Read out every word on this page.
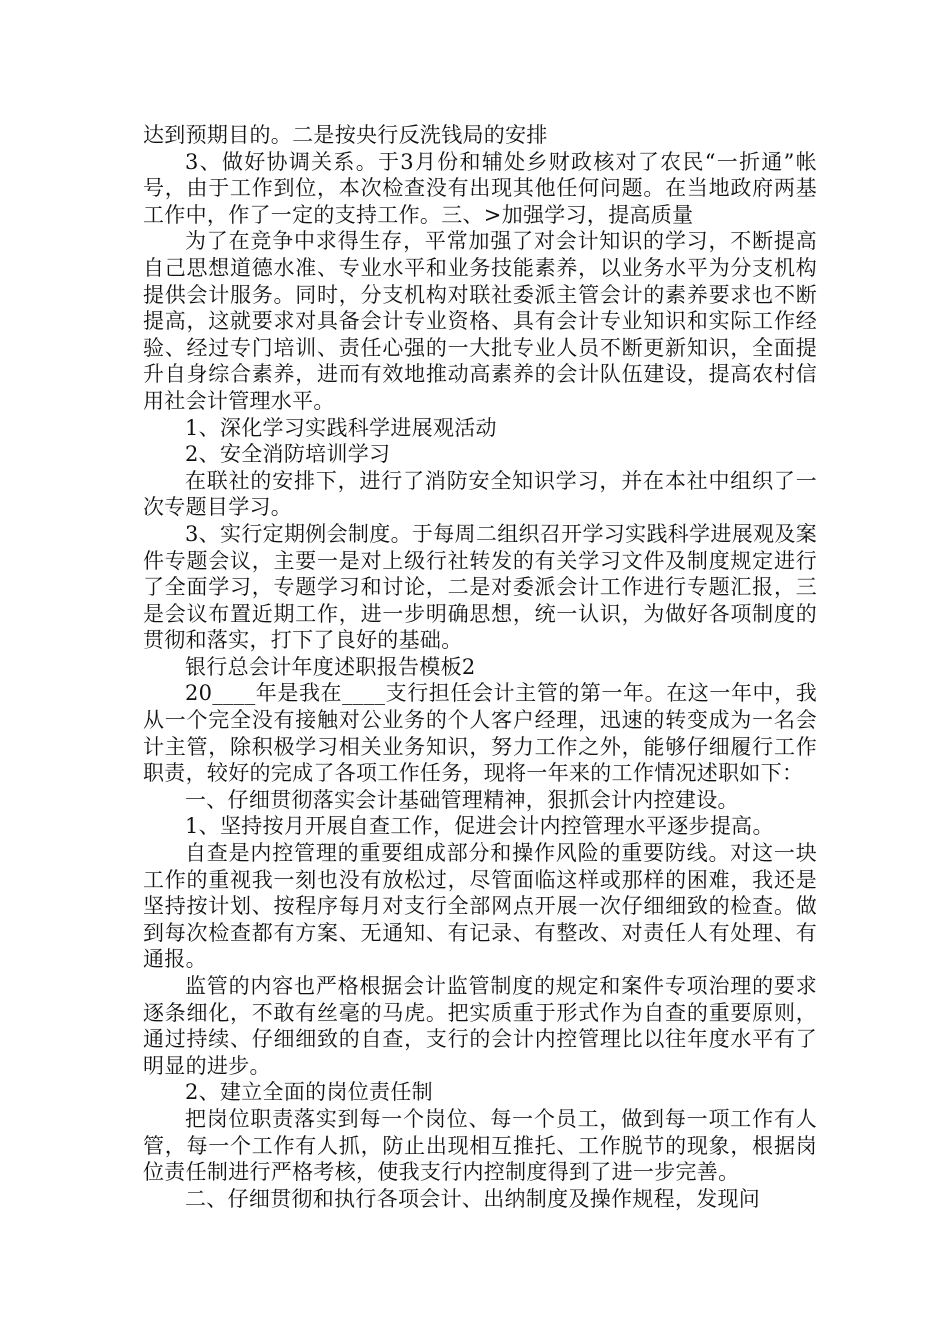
达到预期目的。二是按央行反洗钱局的安排

3、做好协调关系。于3月份和辅处乡财政核对了农民“一折通”帐号，由于工作到位，本次检查没有出现其他任何问题。在当地政府两基工作中，作了一定的支持工作。三、>加强学习，提高质量

为了在竞争中求得生存，平常加强了对会计知识的学习，不断提高自己思想道德水准、专业水平和业务技能素养，以业务水平为分支机构提供会计服务。同时，分支机构对联社委派主管会计的素养要求也不断提高，这就要求对具备会计专业资格、具有会计专业知识和实际工作经验、经过专门培训、责任心强的一大批专业人员不断更新知识，全面提升自身综合素养，进而有效地推动高素养的会计队伍建设，提高农村信用社会计管理水平。

1、深化学习实践科学进展观活动

2、安全消防培训学习

在联社的安排下，进行了消防安全知识学习，并在本社中组织了一次专题目学习。

3、实行定期例会制度。于每周二组织召开学习实践科学进展观及案件专题会议，主要一是对上级行社转发的有关学习文件及制度规定进行了全面学习，专题学习和讨论，二是对委派会计工作进行专题汇报，三是会议布置近期工作，进一步明确思想，统一认识，为做好各项制度的贯彻和落实，打下了良好的基础。

银行总会计年度述职报告模板2

20____年是我在____支行担任会计主管的第一年。在这一年中，我从一个完全没有接触对公业务的个人客户经理，迅速的转变成为一名会计主管，除积极学习相关业务知识，努力工作之外，能够仔细履行工作职责，较好的完成了各项工作任务，现将一年来的工作情况述职如下：

一、仔细贯彻落实会计基础管理精神，狠抓会计内控建设。

1、坚持按月开展自查工作，促进会计内控管理水平逐步提高。

自查是内控管理的重要组成部分和操作风险的重要防线。对这一块工作的重视我一刻也没有放松过，尽管面临这样或那样的困难，我还是坚持按计划、按程序每月对支行全部网点开展一次仔细细致的检查。做到每次检查都有方案、无通知、有记录、有整改、对责任人有处理、有通报。

监管的内容也严格根据会计监管制度的规定和案件专项治理的要求逐条细化，不敢有丝毫的马虎。把实质重于形式作为自查的重要原则，通过持续、仔细细致的自查，支行的会计内控管理比以往年度水平有了明显的进步。

2、建立全面的岗位责任制

把岗位职责落实到每一个岗位、每一个员工，做到每一项工作有人管，每一个工作有人抓，防止出现相互推托、工作脱节的现象，根据岗位责任制进行严格考核，使我支行内控制度得到了进一步完善。

二、仔细贯彻和执行各项会计、出纳制度及操作规程，发现问
